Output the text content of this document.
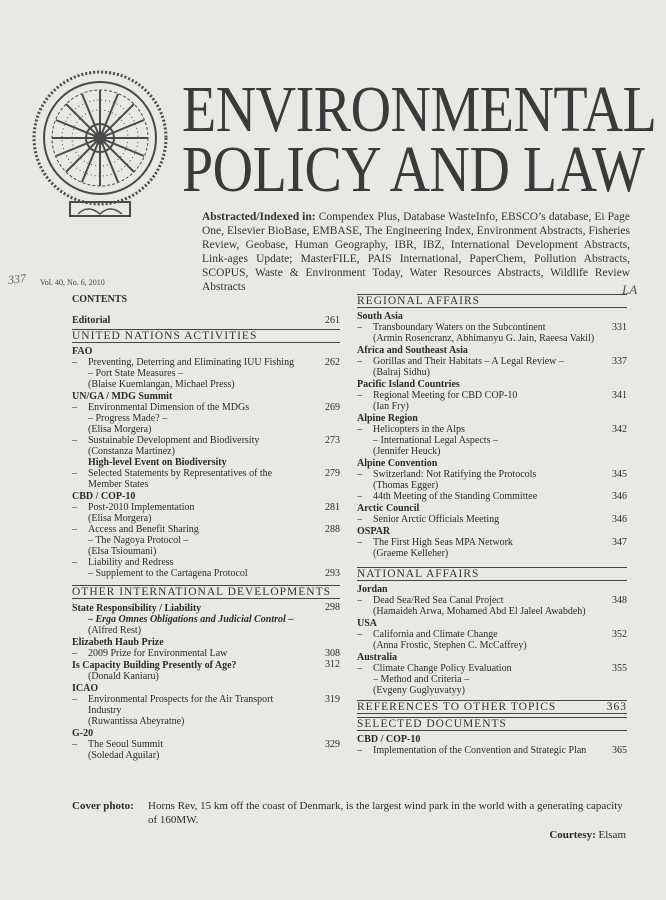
ENVIRONMENTAL
POLICY AND LAW
Abstracted/Indexed in: Compendex Plus, Database WasteInfo, EBSCO’s database, Ei Page One, Elsevier BioBase, EMBASE, The Engineering Index, Environment Abstracts, Fisheries Review, Geobase, Human Geography, IBR, IBZ, International Development Abstracts, Link-ages Update; MasterFILE, PAIS International, PaperChem, Pollution Abstracts, SCOPUS, Waste & Environment Today, Water Resources Abstracts, Wildlife Review Abstracts
337
LA
Vol. 40, No. 6, 2010
CONTENTS
Editorial	261
UNITED NATIONS ACTIVITIES
FAO
– Preventing, Deterring and Eliminating IUU Fishing	262
– Port State Measures –
(Blaise Kuemlangan, Michael Press)
UN/GA / MDG Summit
– Environmental Dimension of the MDGs	269
– Progress Made? –
(Elisa Morgera)
– Sustainable Development and Biodiversity	273
(Constanza Martinez)
High-level Event on Biodiversity
– Selected Statements by Representatives of the	279
Member States
CBD / COP-10
– Post-2010 Implementation	281
(Elisa Morgera)
– Access and Benefit Sharing	288
– The Nagoya Protocol –
(Elsa Tsioumani)
– Liability and Redress
– Supplement to the Cartagena Protocol	293
OTHER INTERNATIONAL DEVELOPMENTS
State Responsibility / Liability	298
– Erga Omnes Obligations and Judicial Control –
(Alfred Rest)
Elizabeth Haub Prize
– 2009 Prize for Environmental Law	308
Is Capacity Building Presently of Age?	312
(Donald Kaniaru)
ICAO
– Environmental Prospects for the Air Transport	319
Industry
(Ruwantissa Abeyratne)
G-20
– The Seoul Summit	329
(Soledad Aguilar)
REGIONAL AFFAIRS
South Asia
– Transboundary Waters on the Subcontinent	331
(Armin Rosencranz, Abhimanyu G. Jain, Raeesa Vakil)
Africa and Southeast Asia
– Gorillas and Their Habitats – A Legal Review –	337
(Balraj Sidhu)
Pacific Island Countries
– Regional Meeting for CBD COP-10	341
(Ian Fry)
Alpine Region
– Helicopters in the Alps	342
– International Legal Aspects –
(Jennifer Heuck)
Alpine Convention
– Switzerland: Not Ratifying the Protocols	345
(Thomas Egger)
– 44th Meeting of the Standing Committee	346
Arctic Council
– Senior Arctic Officials Meeting	346
OSPAR
– The First High Seas MPA Network	347
(Graeme Kelleher)
NATIONAL AFFAIRS
Jordan
– Dead Sea/Red Sea Canal Project	348
(Hamaideh Arwa, Mohamed Abd El Jaleel Awabdeh)
USA
– California and Climate Change	352
(Anna Frostic, Stephen C. McCaffrey)
Australia
– Climate Change Policy Evaluation	355
– Method and Criteria –
(Evgeny Guglyuvatyy)
REFERENCES TO OTHER TOPICS	363
SELECTED DOCUMENTS
CBD / COP-10
– Implementation of the Convention and Strategic Plan	365
Cover photo: Horns Rev, 15 km off the coast of Denmark, is the largest wind park in the world with a generating capacity of 160MW.
Courtesy: Elsam
